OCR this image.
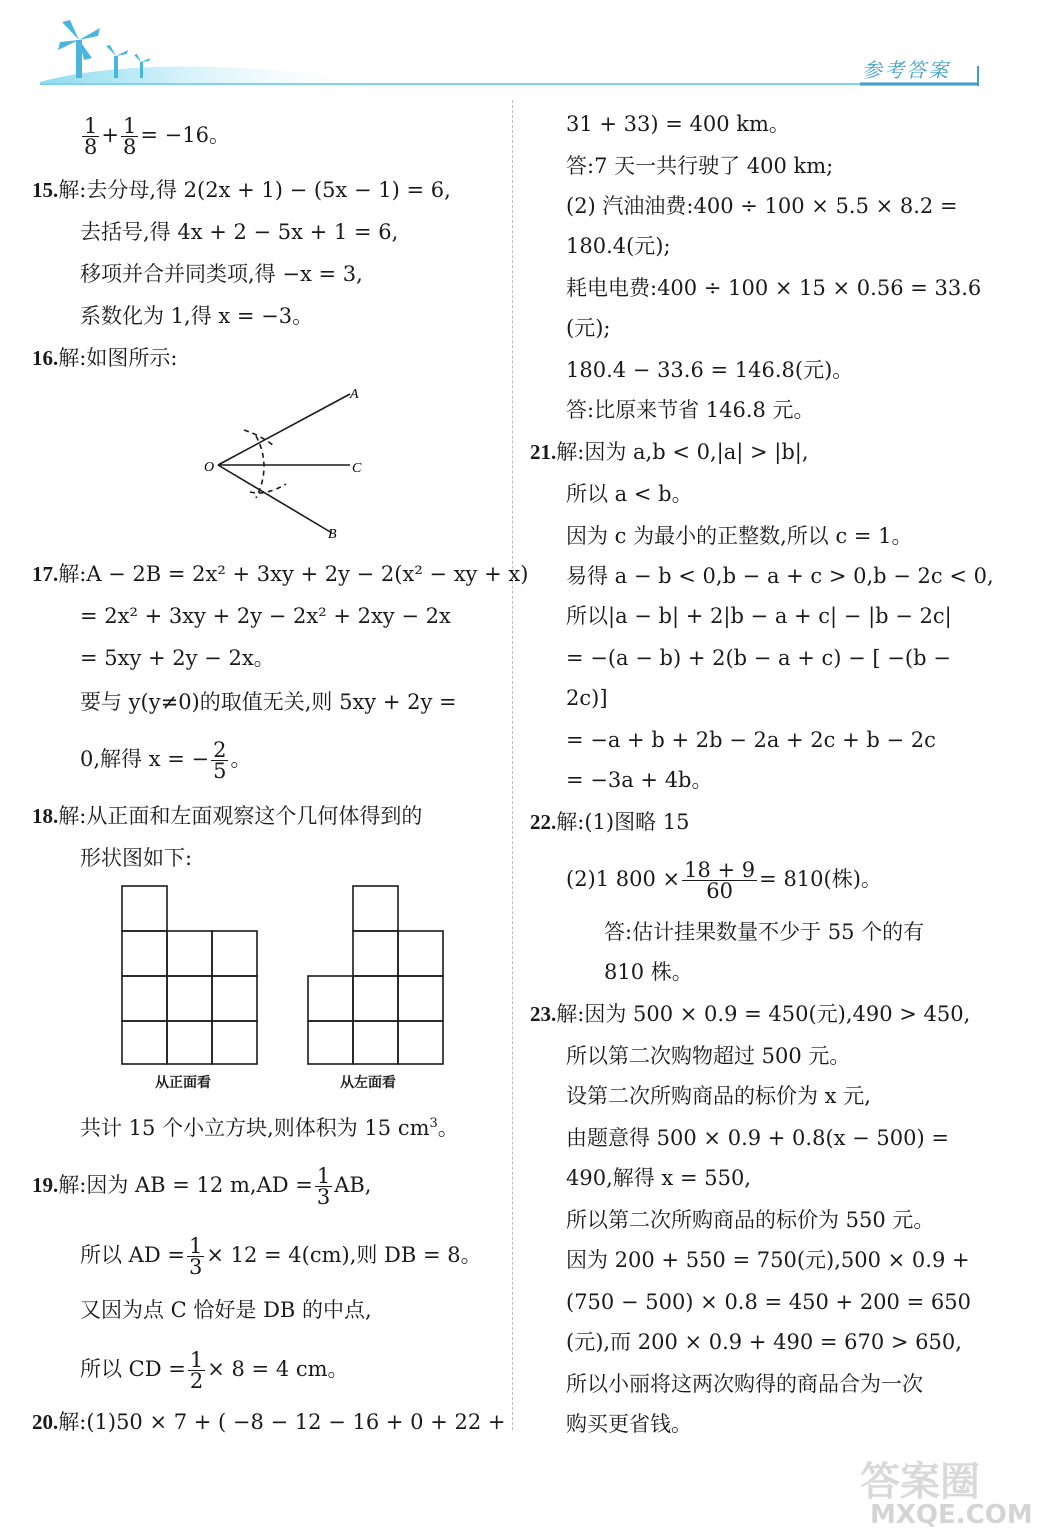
参考答案
$\frac{1}{8} + \frac{1}{8} = -16$。
15.解:去分母,得 2(2x + 1) − (5x − 1) = 6,
去括号,得 4x + 2 − 5x + 1 = 6,
移项并合并同类项,得 −x = 3,
系数化为 1,得 x = −3。
16.解:如图所示:
A
C
B
O
17.解:A − 2B = 2x² + 3xy + 2y − 2(x² − xy + x)
= 2x² + 3xy + 2y − 2x² + 2xy − 2x
= 5xy + 2y − 2x。
要与 y(y≠0)的取值无关,则 5xy + 2y =
0,解得 x = − $\frac{2}{5}$ 。
18.解:从正面和左面观察这个几何体得到的
形状图如下:
从正面看	从左面看
共计 15 个小立方块,则体积为 15 $cm^3$。
19.解:因为 AB = 12 $m,AD = \frac{1}{3}$ AB,
所以 AD = $\frac{1}{3} \times 12 = 4(cm)$,则 DB = 8。
又因为点 C 恰好是 DB 的中点,
所以 CD = $\frac{1}{2} \times 8 = 4$ cm。
20.解:(1)50 × 7 + ( −8 − 12 − 16 + 0 + 22 +
31 + 33) = 400 km。
答:7 天一共行驶了 400 km;
(2) 汽油油费:400 ÷ 100 × 5.5 × 8.2 =
180.4(元);
耗电电费:400 ÷ 100 × 15 × 0.56 = 33.6
(元);
180.4 − 33.6 = 146.8(元)。
答:比原来节省 146.8 元。
21.解:因为 a,b < 0,|a| > |b|,
所以 a < b。
因为 c 为最小的正整数,所以 c = 1。
易得 a − b < 0,b − a + c > 0,b − 2c < 0,
所以|a − b| + 2|b − a + c| − |b − 2c|
= −(a − b) + 2(b − a + c) − [ −(b −
2c)]
= −a + b + 2b − 2a + 2c + b − 2c
= −3a + 4b。
22.解:(1)图略 15
(2)1 $800 \times \frac{18 + 9}{60} = 810$(株)。
答:估计挂果数量不少于 55 个的有
810 株。
23.解:因为 500 × 0.9 = 450(元),490 > 450,
所以第二次购物超过 500 元。
设第二次所购商品的标价为 x 元,
由题意得 500 × 0.9 + 0.8(x − 500) =
490,解得 x = 550,
所以第二次所购商品的标价为 550 元。
因为 200 + 550 = 750(元),500 × 0.9 +
(750 − 500) × 0.8 = 450 + 200 = 650
(元),而 200 × 0.9 + 490 = 670 > 650,
所以小丽将这两次购得的商品合为一次
购买更省钱。
答案圈
MXQE.COM
